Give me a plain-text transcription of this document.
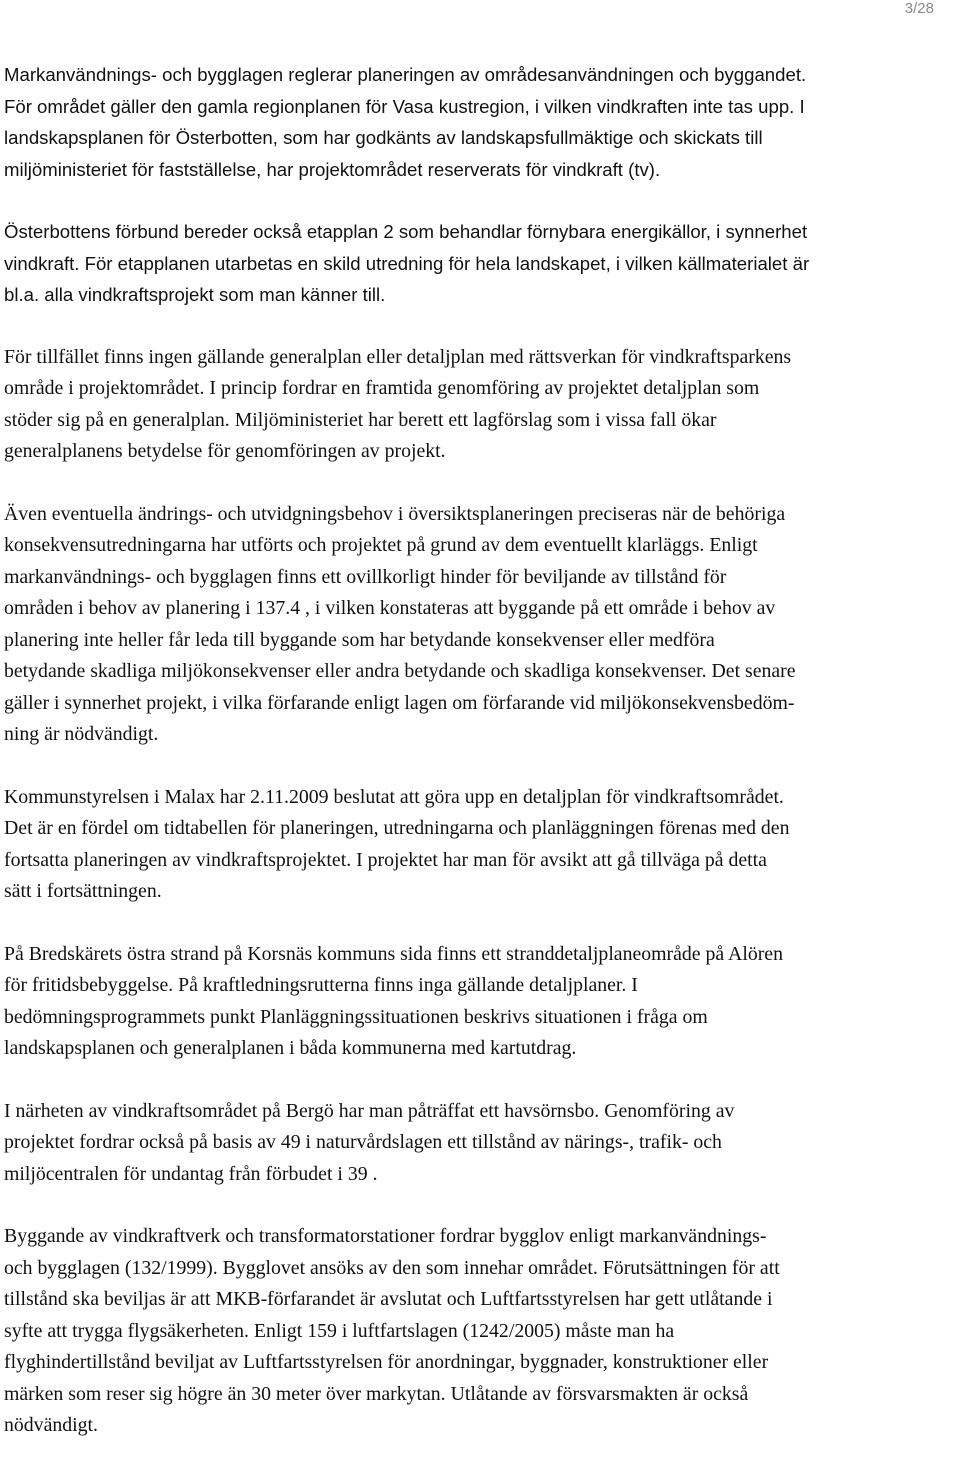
3/28

Markanvändnings- och bygglagen reglerar planeringen av områdesanvändningen och byggandet.
För området gäller den gamla regionplanen för Vasa kustregion, i vilken vindkraften inte tas upp. I
landskapsplanen för Österbotten, som har godkänts av landskapsfullmäktige och skickats till
miljöministeriet för fastställelse, har projektområdet reserverats för vindkraft (tv).

Österbottens förbund bereder också etapplan 2 som behandlar förnybara energikällor, i synnerhet
vindkraft. För etapplanen utarbetas en skild utredning för hela landskapet, i vilken källmaterialet är
bl.a. alla vindkraftsprojekt som man känner till.

För tillfället finns ingen gällande generalplan eller detaljplan med rättsverkan för vindkraftsparkens
område i projektområdet. I princip fordrar en framtida genomföring av projektet detaljplan som
stöder sig på en generalplan. Miljöministeriet har berett ett lagförslag som i vissa fall ökar
generalplanens betydelse för genomföringen av projekt.

Även eventuella ändrings- och utvidgningsbehov i översiktsplaneringen preciseras när de behöriga
konsekvensutredningarna har utförts och projektet på grund av dem eventuellt klarläggs. Enligt
markanvändnings- och bygglagen finns ett ovillkorligt hinder för beviljande av tillstånd för
områden i behov av planering i 137.4 , i vilken konstateras att byggande på ett område i behov av
planering inte heller får leda till byggande som har betydande konsekvenser eller medföra
betydande skadliga miljökonsekvenser eller andra betydande och skadliga konsekvenser. Det senare
gäller i synnerhet projekt, i vilka förfarande enligt lagen om förfarande vid miljökonsekvensbedöm-
ning är nödvändigt.

Kommunstyrelsen i Malax har 2.11.2009 beslutat att göra upp en detaljplan för vindkraftsområdet.
Det är en fördel om tidtabellen för planeringen, utredningarna och planläggningen förenas med den
fortsatta planeringen av vindkraftsprojektet. I projektet har man för avsikt att gå tillväga på detta
sätt i fortsättningen.

På Bredskärets östra strand på Korsnäs kommuns sida finns ett stranddetaljplaneområde på Alören
för fritidsbebyggelse. På kraftledningsrutterna finns inga gällande detaljplaner. I
bedömningsprogrammets punkt Planläggningssituationen beskrivs situationen i fråga om
landskapsplanen och generalplanen i båda kommunerna med kartutdrag.

I närheten av vindkraftsområdet på Bergö har man påträffat ett havsörnsbo. Genomföring av
projektet fordrar också på basis av 49 i naturvårdslagen ett tillstånd av närings-, trafik- och
miljöcentralen för undantag från förbudet i 39 .

Byggande av vindkraftverk och transformatorstationer fordrar bygglov enligt markanvändnings-
och bygglagen (132/1999). Bygglovet ansöks av den som innehar området. Förutsättningen för att
tillstånd ska beviljas är att MKB-förfarandet är avslutat och Luftfartsstyrelsen har gett utlåtande i
syfte att trygga flygsäkerheten. Enligt 159 i luftfartslagen (1242/2005) måste man ha
flyghindertillstånd beviljat av Luftfartsstyrelsen för anordningar, byggnader, konstruktioner eller
märken som reser sig högre än 30 meter över markytan. Utlåtande av försvarsmakten är också
nödvändigt.
